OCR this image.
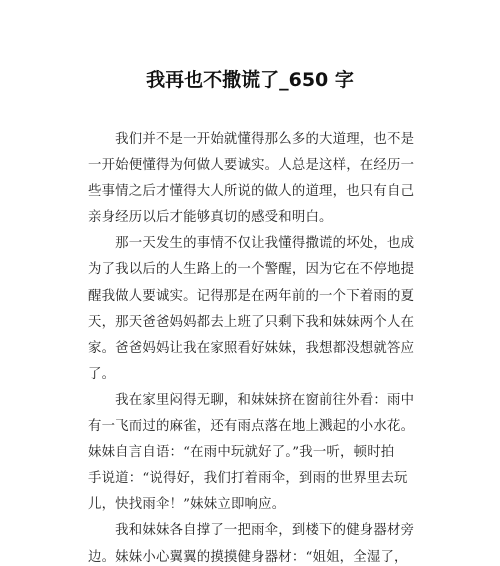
我再也不撒谎了_650 字
　　我们并不是一开始就懂得那么多的大道理，也不是
一开始便懂得为何做人要诚实。人总是这样，在经历一
些事情之后才懂得大人所说的做人的道理，也只有自己
亲身经历以后才能够真切的感受和明白。
　　那一天发生的事情不仅让我懂得撒谎的坏处，也成
为了我以后的人生路上的一个警醒，因为它在不停地提
醒我做人要诚实。记得那是在两年前的一个下着雨的夏
天，那天爸爸妈妈都去上班了只剩下我和妹妹两个人在
家。爸爸妈妈让我在家照看好妹妹，我想都没想就答应
了。
　　我在家里闷得无聊，和妹妹挤在窗前往外看：雨中
有一飞而过的麻雀，还有雨点落在地上溅起的小水花。
妹妹自言自语：“在雨中玩就好了。”我一听，顿时拍
手说道：“说得好，我们打着雨伞，到雨的世界里去玩
儿，快找雨伞！”妹妹立即响应。
　　我和妹妹各自撑了一把雨伞，到楼下的健身器材旁
边。妹妹小心翼翼的摸摸健身器材：“姐姐，全湿了，
